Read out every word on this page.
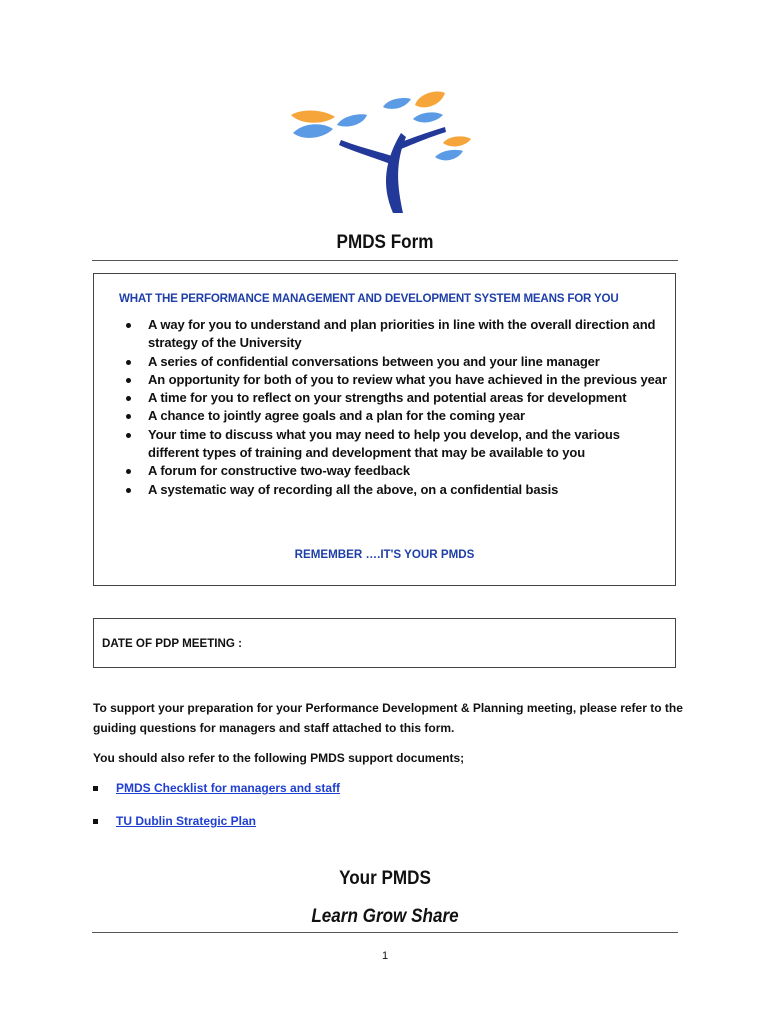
PMDS Form
WHAT THE PERFORMANCE MANAGEMENT AND DEVELOPMENT SYSTEM MEANS FOR YOU
A way for you to understand and plan priorities in line with the overall direction and strategy of the University
A series of confidential conversations between you and your line manager
An opportunity for both of you to review what you have achieved in the previous year
A time for you to reflect on your strengths and potential areas for development
A chance to jointly agree goals and a plan for the coming year
Your time to discuss what you may need to help you develop, and the various different types of training and development that may be available to you
A forum for constructive two-way feedback
A systematic way of recording all the above, on a confidential basis
REMEMBER ….IT'S YOUR PMDS
DATE OF PDP MEETING :
To support your preparation for your Performance Development & Planning meeting, please refer to the guiding questions for managers and staff attached to this form.
You should also refer to the following PMDS support documents;
PMDS Checklist for managers and staff
TU Dublin Strategic Plan
Your PMDS
Learn Grow Share
1
